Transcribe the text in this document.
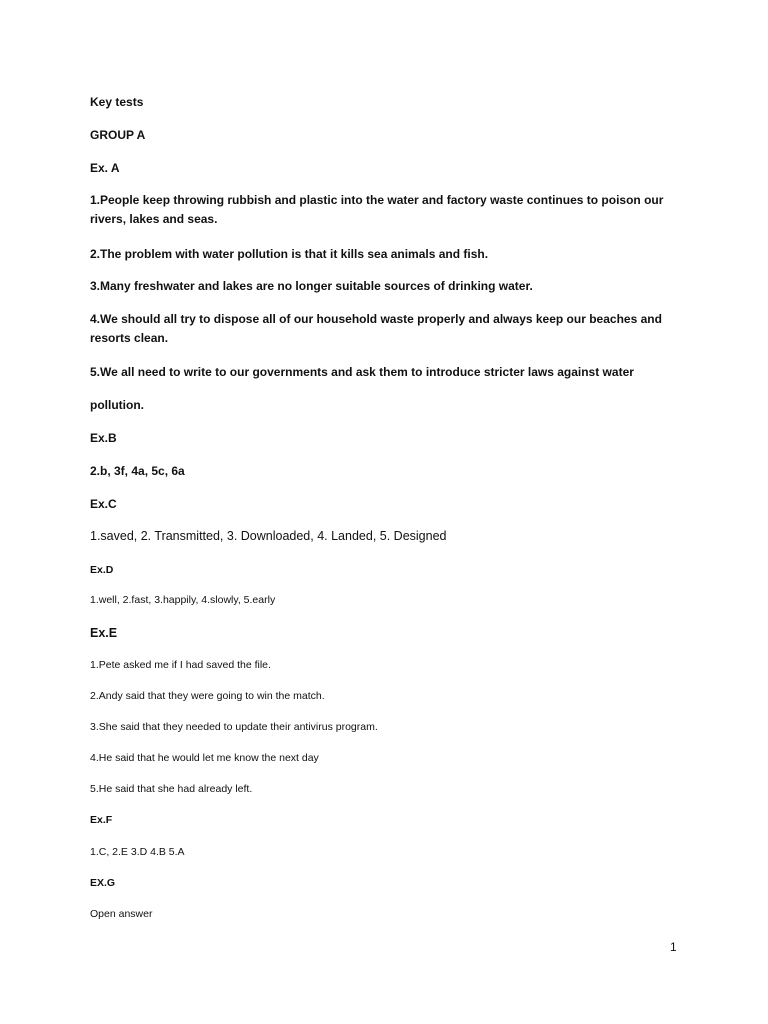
Key tests

GROUP A

Ex. A

1.People keep throwing rubbish and plastic into the water and factory waste continues to poison our rivers, lakes and seas.

2.The problem with water pollution is that it kills sea animals and fish.

3.Many freshwater and lakes are no longer suitable sources of drinking water.

4.We should all try to dispose all of our household waste properly and always keep our beaches and resorts clean.

5.We all need to write to our governments and ask them to introduce stricter laws against water

pollution.

Ex.B

2.b, 3f, 4a, 5c, 6a

Ex.C

1.saved, 2. Transmitted, 3. Downloaded, 4. Landed, 5. Designed

Ex.D

1.well, 2.fast, 3.happily, 4.slowly, 5.early

Ex.E

1.Pete asked me if I had saved the file.

2.Andy said that they were going to win the match.

3.She said that they needed to update their antivirus program.

4.He said that he would let me know the next day

5.He said that she had already left.

Ex.F

1.C, 2.E 3.D 4.B 5.A

EX.G

Open answer

1
